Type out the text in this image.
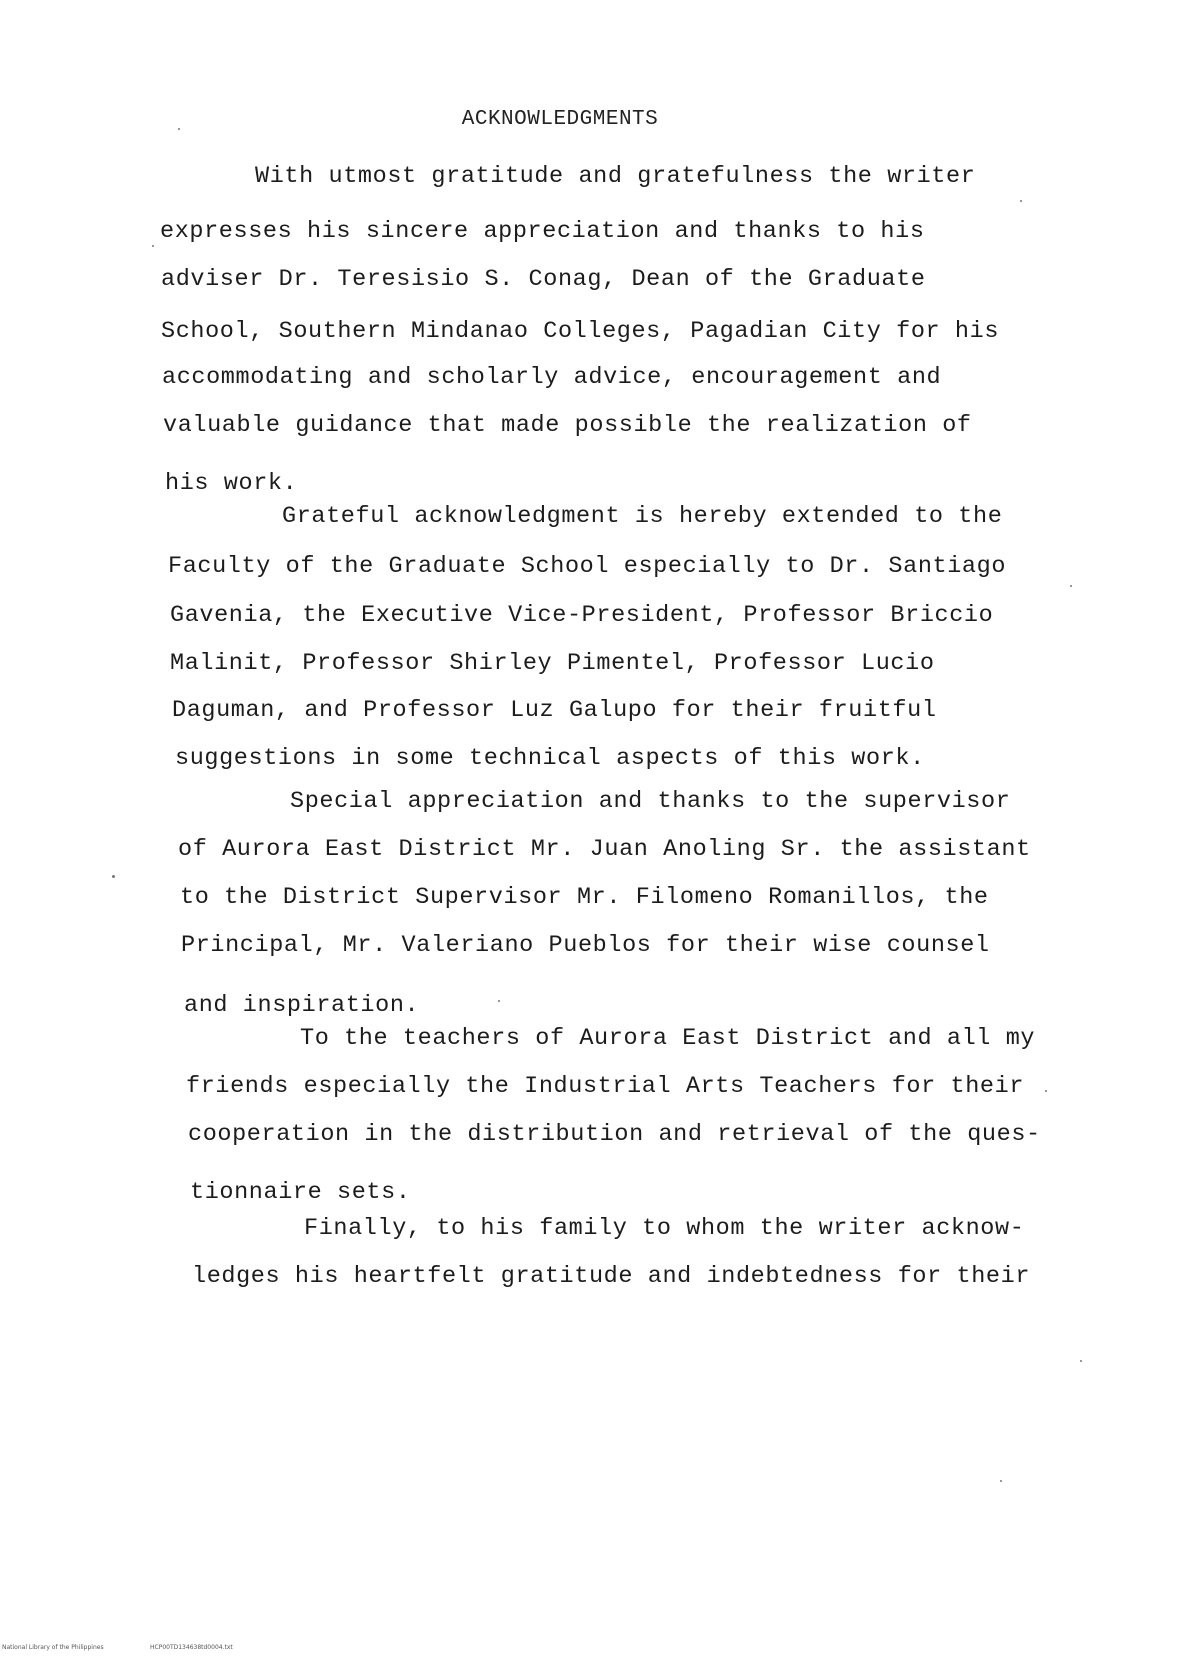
ACKNOWLEDGMENTS
With utmost gratitude and gratefulness the writer
expresses his sincere appreciation and thanks to his
adviser Dr. Teresisio S. Conag, Dean of the Graduate
School, Southern Mindanao Colleges, Pagadian City for his
accommodating and scholarly advice, encouragement and
valuable guidance that made possible the realization of
his work.
Grateful acknowledgment is hereby extended to the
Faculty of the Graduate School especially to Dr. Santiago
Gavenia, the Executive Vice-President, Professor Briccio
Malinit, Professor Shirley Pimentel, Professor Lucio
Daguman, and Professor Luz Galupo for their fruitful
suggestions in some technical aspects of this work.
Special appreciation and thanks to the supervisor
of Aurora East District Mr. Juan Anoling Sr. the assistant
to the District Supervisor Mr. Filomeno Romanillos, the
Principal, Mr. Valeriano Pueblos for their wise counsel
and inspiration.
To the teachers of Aurora East District and all my
friends especially the Industrial Arts Teachers for their
cooperation in the distribution and retrieval of the ques-
tionnaire sets.
Finally, to his family to whom the writer acknow-
ledges his heartfelt gratitude and indebtedness for their
National Library of the Philippines	HCP00TD134638td0004.txt
